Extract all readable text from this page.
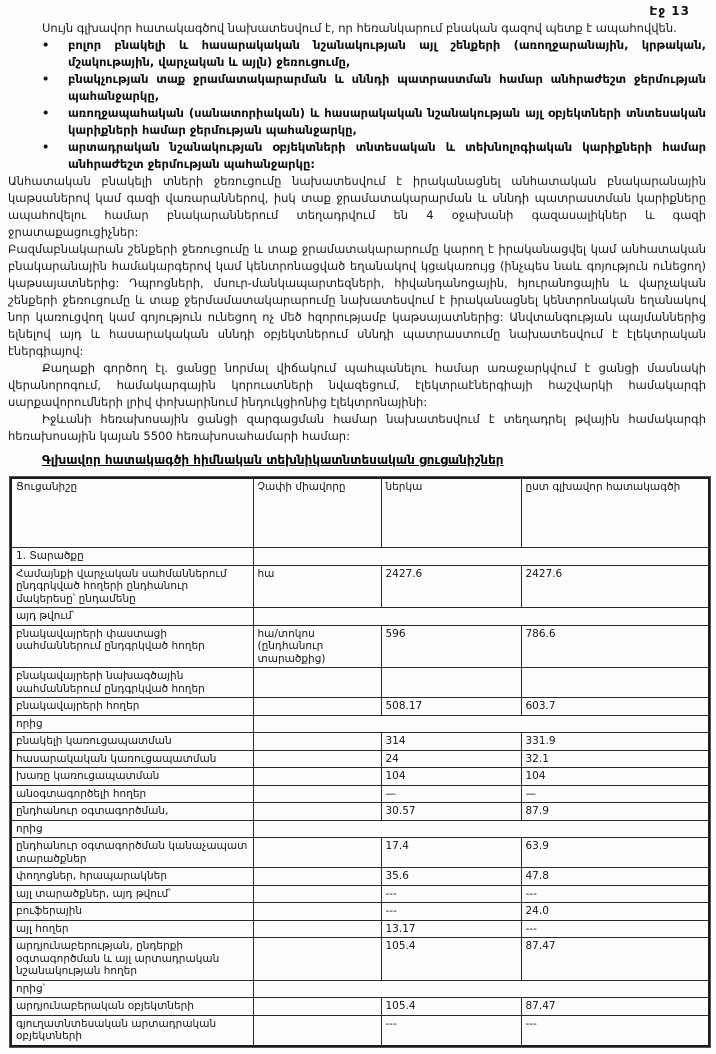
Էջ 13

Սույն գլխավոր հատակագծով նախատեսվում է, որ հեռանկարում բնական գազով պետք է ապահովվեն.

• բոլոր բնակելի և հասարակական նշանակության այլ շենքերի (առողջարանային, կրթական, մշակութային, վարչական և այլն) ջեռուցումը,
• բնակչության տաք ջրամատակարարման և սննդի պատրաստման համար անհրաժեշտ ջերմության պահանջարկը,
• առողջապահական (սանատորիական) և հասարակական նշանակության այլ օբյեկտների տնտեսական կարիքների համար ջերմության պահանջարկը,
• արտադրական նշանակության օբյեկտների տնտեսական և տեխնոլոգիական կարիքների համար անհրաժեշտ ջերմության պահանջարկը:

Անհատական բնակելի տների ջեռուցումը նախատեսվում է իրականացնել անհատական բնակարանային կաթսաներով կամ գազի վառարաններով, իսկ տաք ջրամատակարարման և սննդի պատրաստման կարիքները ապահովելու համար բնակարաններում տեղադրվում են 4 օջախանի գազասալիկներ և գազի ջրատաքացուցիչներ:

Բազմաբնակարան շենքերի ջեռուցումը և տաք ջրամատակարարումը կարող է իրականացվել կամ անհատական բնակարանային համակարգերով կամ կենտրոնացված եղանակով կցակառույց (ինչպես նաև գոյություն ունեցող) կաթսայատներից: Դպրոցների, մսուր-մանկապարտեզների, հիվանդանոցային, հյուրանոցային և վարչական շենքերի ջեռուցումը և տաք ջերմամատակարարումը նախատեսվում է իրականացնել կենտրոնական եղանակով նոր կառուցվող կամ գոյություն ունեցող ոչ մեծ հզորությամբ կաթսայատներից: Անվտանգության պայմաններից ելնելով այդ և հասարակական սննդի օբյեկտներում սննդի պատրաստումը նախատեսվում է էլեկտրական էներգիայով:

Քաղաքի գործող էլ. ցանցը նորմալ վիճակում պահպանելու համար առաջարկվում է ցանցի մասնակի վերանորոգում, համակարգային կորուստների նվազեցում, էլեկտրաէներգիայի հաշվարկի համակարգի սարքավորումների լրիվ փոխարինում ինդուկցիոնից էլեկտրոնայինի:

Իջևանի հեռախոսային ցանցի զարգացման համար նախատեսվում է տեղադրել թվային համակարգի հեռախոսային կայան 5500 հեռախոսահամարի համար:

Գլխավոր հատակագծի հիմնական տեխնիկատնտեսական ցուցանիշներ
Ցուցանիշը	Չափի միավորը	ներկա	ըստ գլխավոր հատակագծի
1. Տարածքը			
Համայնքի վարչական սահմաններում ընդգրկված հողերի ընդհանուր մակերեսը՝ ընդամենը	հա	2427.6	2427.6
այդ թվում՝			
բնակավայրերի փաստացի սահմաններում ընդգրկված հողեր	հա/տոկոս (ընդհանուր տարածքից)	596	786.6
բնակավայրերի նախագծային սահմաններում ընդգրկված հողեր			
բնակավայրերի հողեր		508.17	603.7
որից			
բնակելի կառուցապատման		314	331.9
հասարակական կառուցապատման		24	32.1
խառը կառուցապատման		104	104
անօգտագործելի հողեր		—	—
ընդհանուր օգտագործման,		30.57	87.9
որից			
ընդհանուր օգտագործման կանաչապատ տարածքներ		17.4	63.9
փողոցներ, հրապարակներ		35.6	47.8
այլ տարածքներ, այդ թվում՝		---	---
բուֆերային		---	24.0
այլ հողեր		13.17	---
արդյունաբերության, ընդերքի օգտագործման և այլ արտադրական նշանակության հողեր		105.4	87.47
որից՝			
արդյունաբերական օբյեկտների		105.4	87.47
գյուղատնտեսական արտադրական օբյեկտների		---	---
